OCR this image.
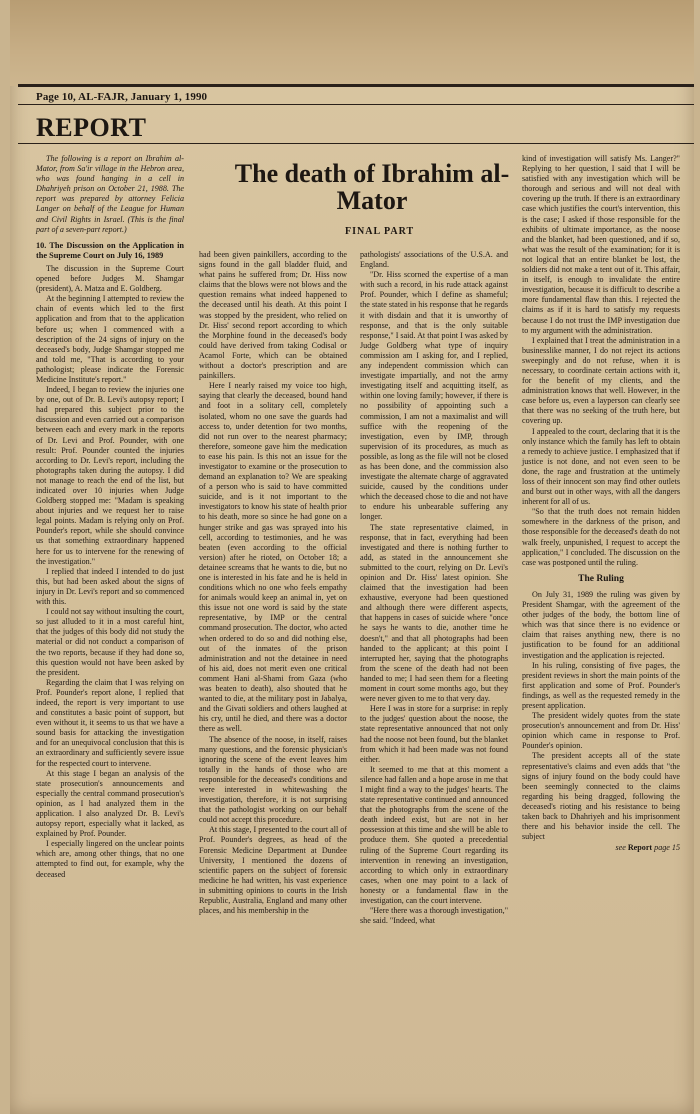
Page 10, AL-FAJR, January 1, 1990
REPORT
The death of Ibrahim al-Mator
FINAL PART

The following is a report on Ibrahim al-Mator, from Sa'ir village in the Hebron area, who was found hanging in a cell in Dhahriyeh prison on October 21, 1988. The report was prepared by attorney Felicia Langer on behalf of the League for Human and Civil Rights in Israel. (This is the final part of a seven-part report.)

10. The Discussion on the Application in the Supreme Court on July 16, 1989

The discussion in the Supreme Court opened before Judges M. Shamgar (president), A. Matza and E. Goldberg.

At the beginning I attempted to review the chain of events which led to the first application and from that to the application before us; when I commenced with a description of the 24 signs of injury on the deceased's body, Judge Shamgar stopped me and told me, "That is according to your pathologist; please indicate the Forensic Medicine Institute's report."

Indeed, I began to review the injuries one by one, out of Dr. B. Levi's autopsy report; I had prepared this subject prior to the discussion and even carried out a comparison between each and every mark in the reports of Dr. Levi and Prof. Pounder, with one result: Prof. Pounder counted the injuries according to Dr. Levi's report, including the photographs taken during the autopsy. I did not manage to reach the end of the list, but indicated over 10 injuries when Judge Goldberg stopped me: "Madam is speaking about injuries and we request her to raise legal points. Madam is relying only on Prof. Pounder's report, while she should convince us that something extraordinary happened here for us to intervene for the renewing of the investigation."

I replied that indeed I intended to do just this, but had been asked about the signs of injury in Dr. Levi's report and so commenced with this.

I could not say without insulting the court, so just alluded to it in a most careful hint, that the judges of this body did not study the material or did not conduct a comparison of the two reports, because if they had done so, this question would not have been asked by the president.

Regarding the claim that I was relying on Prof. Pounder's report alone, I replied that indeed, the report is very important to use and constitutes a basic point of support, but even without it, it seems to us that we have a sound basis for attacking the investigation and for an unequivocal conclusion that this is an extraordinary and sufficiently severe issue for the respected court to intervene.

At this stage I began an analysis of the state prosecution's announcements and especially the central command prosecution's opinion, as I had analyzed them in the application. I also analyzed Dr. B. Levi's autopsy report, especially what it lacked, as explained by Prof. Pounder.

I especially lingered on the unclear points which are, among other things, that no one attempted to find out, for example, why the deceased

had been given painkillers, according to the signs found in the gall bladder fluid, and what pains he suffered from; Dr. Hiss now claims that the blows were not blows and the question remains what indeed happened to the deceased until his death. At this point I was stopped by the president, who relied on Dr. Hiss' second report according to which the Morphine found in the deceased's body could have derived from taking Codisal or Acamol Forte, which can be obtained without a doctor's prescription and are painkillers.

Here I nearly raised my voice too high, saying that clearly the deceased, bound hand and foot in a solitary cell, completely isolated, whom no one save the guards had access to, under detention for two months, did not run over to the nearest pharmacy; therefore, someone gave him the medication to ease his pain. Is this not an issue for the investigator to examine or the prosecution to demand an explanation to? We are speaking of a person who is said to have committed suicide, and is it not important to the investigators to know his state of health prior to his death, more so since he had gone on a hunger strike and gas was sprayed into his cell, according to testimonies, and he was beaten (even according to the official version) after he rioted, on October 18; a detainee screams that he wants to die, but no one is interested in his fate and he is held in conditions which no one who feels empathy for animals would keep an animal in, yet on this issue not one word is said by the state representative, by IMP or the central command prosecution. The doctor, who acted when ordered to do so and did nothing else, out of the inmates of the prison administration and not the detainee in need of his aid, does not merit even one critical comment Hani al-Shami from Gaza (who was beaten to death), also shouted that he wanted to die, at the military post in Jabalya, and the Givati soldiers and others laughed at his cry, until he died, and there was a doctor there as well.

The absence of the noose, in itself, raises many questions, and the forensic physician's ignoring the scene of the event leaves him totally in the hands of those who are responsible for the deceased's conditions and were interested in whitewashing the investigation, therefore, it is not surprising that the pathologist working on our behalf could not accept this procedure.

At this stage, I presented to the court all of Prof. Pounder's degrees, as head of the Forensic Medicine Department at Dundee University, I mentioned the dozens of scientific papers on the subject of forensic medicine he had written, his vast experience in submitting opinions to courts in the Irish Republic, Australia, England and many other places, and his membership in the

pathologists' associations of the U.S.A. and England.

"Dr. Hiss scorned the expertise of a man with such a record, in his rude attack against Prof. Pounder, which I define as shameful; the state stated in his response that he regards it with disdain and that it is unworthy of response, and that is the only suitable response," I said. At that point I was asked by Judge Goldberg what type of inquiry commission am I asking for, and I replied, any independent commission which can investigate impartially, and not the army investigating itself and acquitting itself, as within one loving family; however, if there is no possibility of appointing such a commission, I am not a maximalist and will suffice with the reopening of the investigation, even by IMP, through supervision of its procedures, as much as possible, as long as the file will not be closed as has been done, and the commission also investigate the alternate charge of aggravated suicide, caused by the conditions under which the deceased chose to die and not have to endure his unbearable suffering any longer.

The state representative claimed, in response, that in fact, everything had been investigated and there is nothing further to add, as stated in the announcement she submitted to the court, relying on Dr. Levi's opinion and Dr. Hiss' latest opinion. She claimed that the investigation had been exhaustive, everyone had been questioned and although there were different aspects, that happens in cases of suicide where "once he says he wants to die, another time he doesn't," and that all photographs had been handed to the applicant; at this point I interrupted her, saying that the photographs from the scene of the death had not been handed to me; I had seen them for a fleeting moment in court some months ago, but they were never given to me to that very day.

Here I was in store for a surprise: in reply to the judges' question about the noose, the state representative announced that not only had the noose not been found, but the blanket from which it had been made was not found either.

It seemed to me that at this moment a silence had fallen and a hope arose in me that I might find a way to the judges' hearts. The state representative continued and announced that the photographs from the scene of the death indeed exist, but are not in her possession at this time and she will be able to produce them. She quoted a precedential ruling of the Supreme Court regarding its intervention in renewing an investigation, according to which only in extraordinary cases, when one may point to a lack of honesty or a fundamental flaw in the investigation, can the court intervene.

"Here there was a thorough investigation," she said. "Indeed, what

kind of investigation will satisfy Ms. Langer?" Replying to her question, I said that I will be satisfied with any investigation which will be thorough and serious and will not deal with covering up the truth. If there is an extraordinary case which justifies the court's intervention, this is the case; I asked if those responsible for the exhibits of ultimate importance, as the noose and the blanket, had been questioned, and if so, what was the result of the examination; for it is not logical that an entire blanket be lost, the soldiers did not make a tent out of it. This affair, in itself, is enough to invalidate the entire investigation, because it is difficult to describe a more fundamental flaw than this. I rejected the claims as if it is hard to satisfy my requests because I do not trust the IMP investigation due to my argument with the administration.

I explained that I treat the administration in a businesslike manner, I do not reject its actions sweepingly and do not refuse, when it is necessary, to coordinate certain actions with it, for the benefit of my clients, and the administration knows that well. However, in the case before us, even a layperson can clearly see that there was no seeking of the truth here, but covering up.

I appealed to the court, declaring that it is the only instance which the family has left to obtain a remedy to achieve justice. I emphasized that if justice is not done, and not even seen to be done, the rage and frustration at the untimely loss of their innocent son may find other outlets and burst out in other ways, with all the dangers inherent for all of us.

"So that the truth does not remain hidden somewhere in the darkness of the prison, and those responsible for the deceased's death do not walk freely, unpunished, I request to accept the application," I concluded. The discussion on the case was postponed until the ruling.

The Ruling

On July 31, 1989 the ruling was given by President Shamgar, with the agreement of the other judges of the body, the bottom line of which was that since there is no evidence or claim that raises anything new, there is no justification to be found for an additional investigation and the application is rejected.

In his ruling, consisting of five pages, the president reviews in short the main points of the first application and some of Prof. Pounder's findings, as well as the requested remedy in the present application.

The president widely quotes from the state prosecution's announcement and from Dr. Hiss' opinion which came in response to Prof. Pounder's opinion.

The president accepts all of the state representative's claims and even adds that "the signs of injury found on the body could have been seemingly connected to the claims regarding his being dragged, following the deceased's rioting and his resistance to being taken back to Dhahriyeh and his imprisonment there and his behavior inside the cell. The subject

see Report page 15
